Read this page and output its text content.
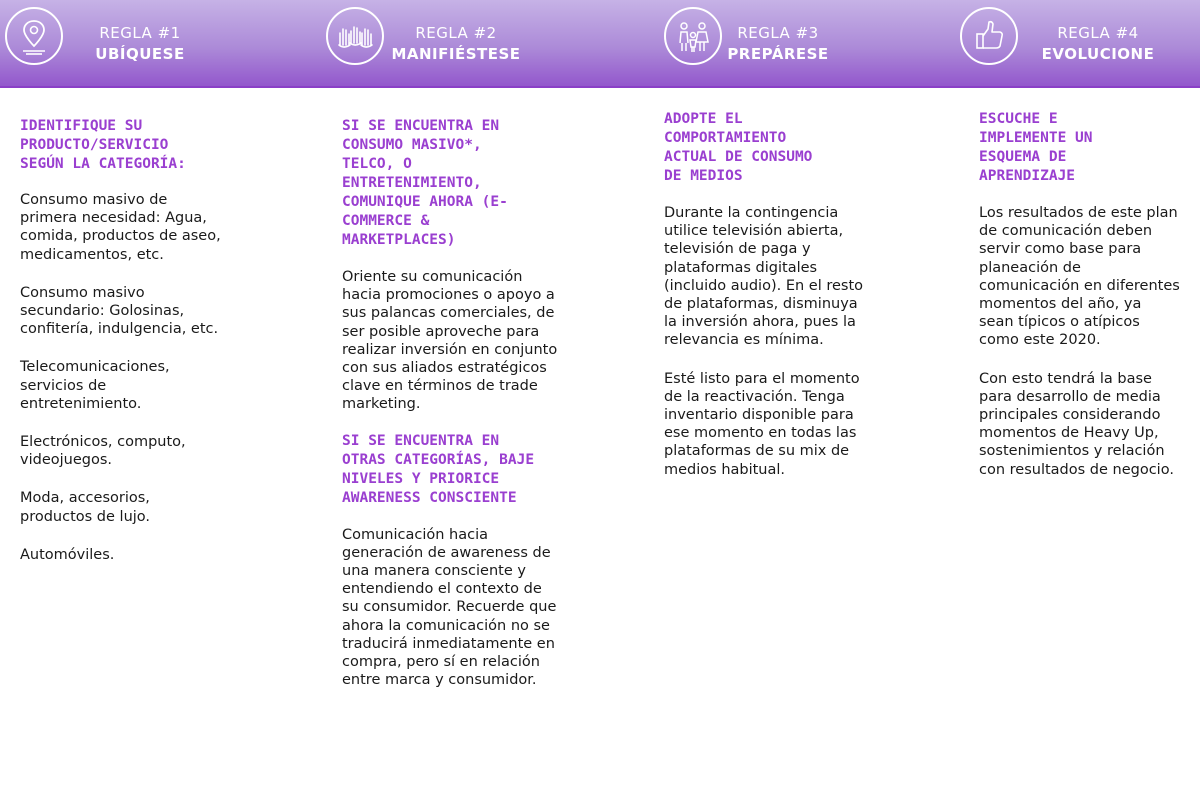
REGLA #1
UBÍQUESE
REGLA #2
MANIFIÉSTESE
REGLA #3
PREPÁRESE
REGLA #4
EVOLUCIONE

IDENTIFIQUE SU
PRODUCTO/SERVICIO
SEGÚN LA CATEGORÍA:

Consumo masivo de
primera necesidad: Agua,
comida, productos de aseo,
medicamentos, etc.

Consumo masivo
secundario: Golosinas,
confitería, indulgencia, etc.

Telecomunicaciones,
servicios de
entretenimiento.

Electrónicos, computo,
videojuegos.

Moda, accesorios,
productos de lujo.

Automóviles.

SI SE ENCUENTRA EN
CONSUMO MASIVO*,
TELCO, O
ENTRETENIMIENTO,
COMUNIQUE AHORA (E-
COMMERCE &
MARKETPLACES)

Oriente su comunicación
hacia promociones o apoyo a
sus palancas comerciales, de
ser posible aproveche para
realizar inversión en conjunto
con sus aliados estratégicos
clave en términos de trade
marketing.

SI SE ENCUENTRA EN
OTRAS CATEGORÍAS, BAJE
NIVELES Y PRIORICE
AWARENESS CONSCIENTE

Comunicación hacia
generación de awareness de
una manera consciente y
entendiendo el contexto de
su consumidor. Recuerde que
ahora la comunicación no se
traducirá inmediatamente en
compra, pero sí en relación
entre marca y consumidor.

ADOPTE EL
COMPORTAMIENTO
ACTUAL DE CONSUMO
DE MEDIOS

Durante la contingencia
utilice televisión abierta,
televisión de paga y
plataformas digitales
(incluido audio). En el resto
de plataformas, disminuya
la inversión ahora, pues la
relevancia es mínima.

Esté listo para el momento
de la reactivación. Tenga
inventario disponible para
ese momento en todas las
plataformas de su mix de
medios habitual.

ESCUCHE E
IMPLEMENTE UN
ESQUEMA DE
APRENDIZAJE

Los resultados de este plan
de comunicación deben
servir como base para
planeación de
comunicación en diferentes
momentos del año, ya
sean típicos o atípicos
como este 2020.

Con esto tendrá la base
para desarrollo de media
principales considerando
momentos de Heavy Up,
sostenimientos y relación
con resultados de negocio.
